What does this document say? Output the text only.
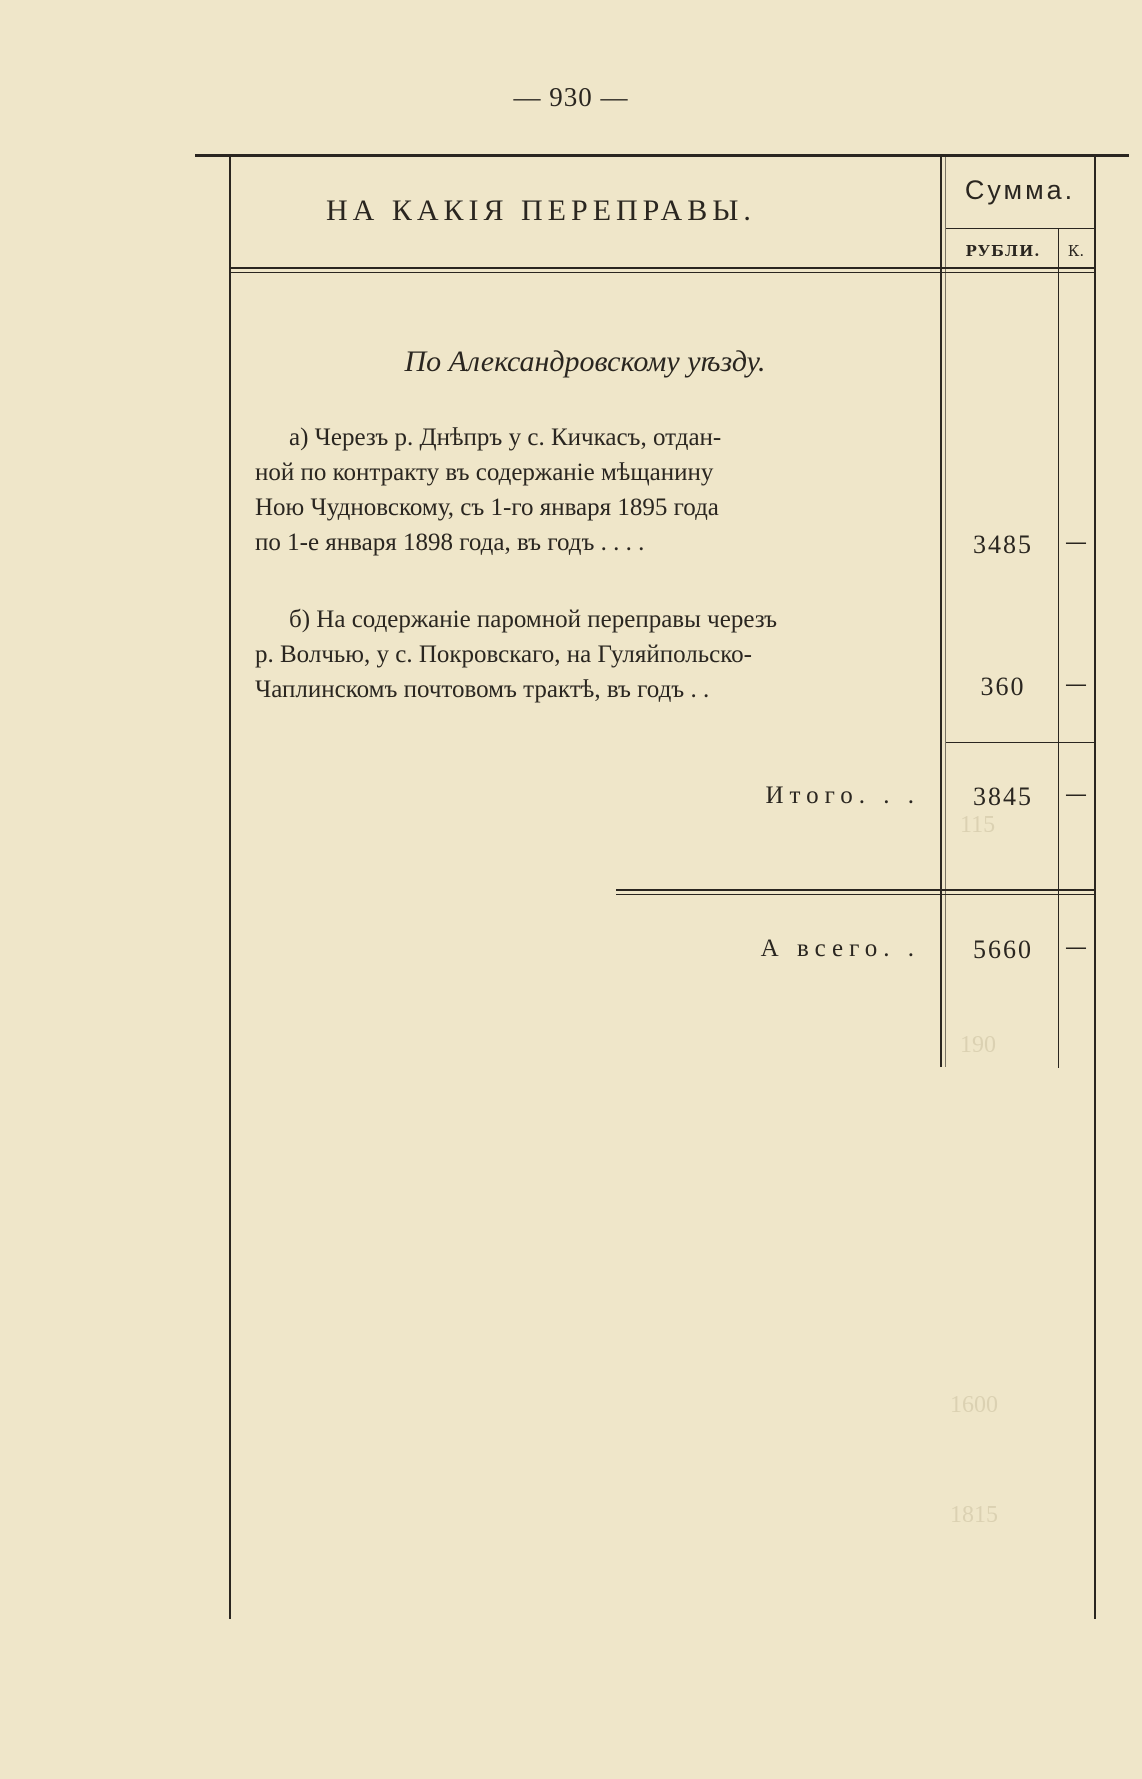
— 930 —
115
190
1600
1815
НА КАКІЯ ПЕРЕПРАВЫ.
Сумма.
РУБЛИ.	К.
По Александровскому уѣзду.

а) Черезъ р. Днѣпръ у с. Кичкасъ, отдан-

ной по контракту въ содержаніе мѣщанину

Ною Чудновскому, съ 1-го января 1895 года

по 1-е января 1898 года, въ годъ . . . .	3485	—

б) На содержаніе паромной переправы черезъ

р. Волчью, у с. Покровскаго, на Гуляйпольско-

Чаплинскомъ почтовомъ трактѣ, въ годъ . .	360	—
Итого. . .	3845	—
А всего. .	5660	—
